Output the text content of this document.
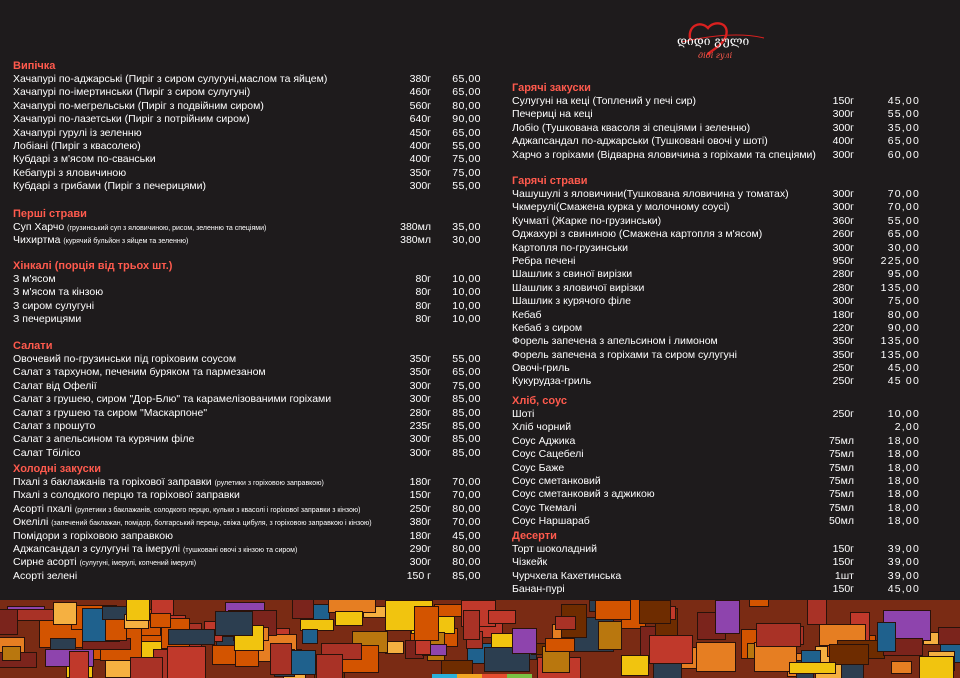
დიდი გული
діді гулі
Випічка
Хачапурі по-аджарські (Пиріг з сиром сулугуні,маслом та яйцем)	380г	65,00
Хачапурі по-імертинськи (Пиріг з сиром сулугуні)	460г	65,00
Хачапурі по-мегрельськи (Пиріг з подвійним сиром)	560г	80,00
Хачапурі по-лазетськи (Пиріг з потрійним сиром)	640г	90,00
Хачапурі гурулі із зеленню	450г	65,00
Лобіані (Пиріг з квасолею)	400г	55,00
Кубдарі з м'ясом по-сванськи	400г	75,00
Кебапурі з яловичиною	350г	75,00
Кубдарі з грибами (Пиріг з печерицями)	300г	55,00
Перші страви
Суп Харчо (грузинський суп з яловичиною, рисом, зеленню та спеціями)	380мл	35,00
Чихиртма (курячий бульйон з яйцем та зеленню)	380мл	30,00
Хінкалі (порція від трьох шт.)
З м'ясом	80г	10,00
З м'ясом та кінзою	80г	10,00
З сиром сулугуні	80г	10,00
З печерицями	80г	10,00
Салати
Овочевий по-грузинськи під горіховим соусом	350г	55,00
Салат з тархуном, печеним буряком та пармезаном	350г	65,00
Салат від Офелії	300г	75,00
Салат з грушею, сиром "Дор-Блю" та карамелізованими горіхами	300г	85,00
Салат з грушею та сиром "Маскарпоне"	280г	85,00
Салат з прошуто	235г	85,00
Салат з апельсином та курячим філе	300г	85,00
Салат Тбілісо	300г	85,00
Холодні закуски
Пхалі з баклажанів та горіхової заправки (рулетики з горіховою заправкою)	180г	70,00
Пхалі з солодкого перцю та горіхової заправки	150г	70,00
Асорті пхалі (рулетики з баклажанів, солодкого перцю, кульки з квасолі і горіхової заправки з кінзою)	250г	80,00
Окелілі (запечений баклажан, помідор, болгарський перець, свіжа цибуля, з горіховою заправкою і кінзою)	380г	70,00
Помідори з горіховою заправкою	180г	45,00
Аджапсандал з сулугуні та імерулі (тушковані овочі з кінзою та сиром)	290г	80,00
Сирне асорті (сулугуні, імерулі, копчений імерулі)	300г	80,00
Асорті зелені	150 г	85,00
Гарячі закуски
Сулугуні на кеці (Топлений у печі сир)	150г	45,00
Печериці на кеці	300г	55,00
Лобіо (Тушкована квасоля зі спеціями і зеленню)	300г	35,00
Аджапсандал по-аджарськи (Тушковані овочі у шоті)	400г	65,00
Харчо з горіхами (Відварна яловичина з горіхами та спеціями)	300г	60,00
Гарячі страви
Чашушулі з яловичини(Тушкована яловичина у томатах)	300г	70,00
Чкмерулі(Смажена курка у молочному соусі)	300г	70,00
Кучматі (Жарке по-грузинськи)	360г	55,00
Оджахурі з свининою (Смажена картопля з м'ясом)	260г	65,00
Картопля по-грузинськи	300г	30,00
Ребра печені	950г	225,00
Шашлик з свиної вирізки	280г	95,00
Шашлик з яловичої вирізки	280г	135,00
Шашлик з курячого філе	300г	75,00
Кебаб	180г	80,00
Кебаб з сиром	220г	90,00
Форель запечена з апельсином і лимоном	350г	135,00
Форель запечена з горіхами та сиром сулугуні	350г	135,00
Овочі-гриль	250г	45,00
Кукурудза-гриль	250г	45 00
Хліб, соус
Шоті	250г	10,00
Хліб чорний	2,00
Соус Аджика	75мл	18,00
Соус Сацебелі	75мл	18,00
Соус Баже	75мл	18,00
Соус сметанковий	75мл	18,00
Соус сметанковий з аджикою	75мл	18,00
Соус Ткемалі	75мл	18,00
Соус Наршараб	50мл	18,00
Десерти
Торт шоколадний	150г	39,00
Чізкейк	150г	39,00
Чурчхела Кахетинська	1шт	39,00
Банан-пурі	150г	45,00
